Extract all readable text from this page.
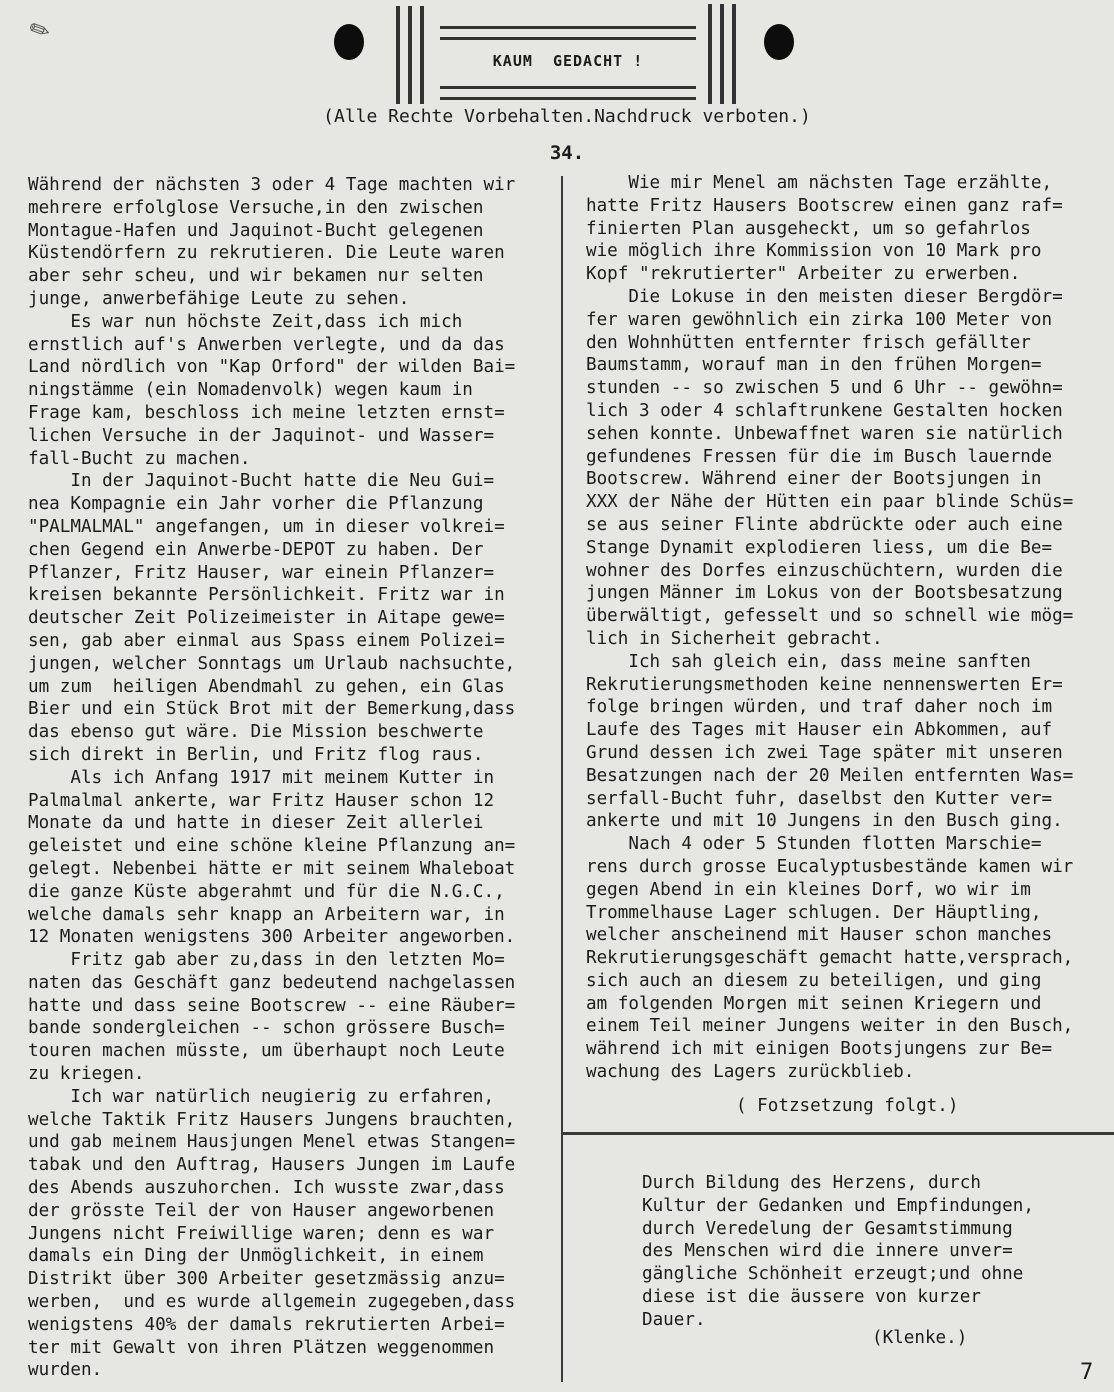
✎
KAUM  GEDACHT !
(Alle Rechte Vorbehalten.Nachdruck verboten.)
34.
Während der nächsten 3 oder 4 Tage machten wir
mehrere erfolglose Versuche,in den zwischen
Montague-Hafen und Jaquinot-Bucht gelegenen
Küstendörfern zu rekrutieren. Die Leute waren
aber sehr scheu, und wir bekamen nur selten
junge, anwerbefähige Leute zu sehen.
Es war nun höchste Zeit,dass ich mich
ernstlich auf's Anwerben verlegte, und da das
Land nördlich von "Kap Orford" der wilden Bai=
ningstämme (ein Nomadenvolk) wegen kaum in
Frage kam, beschloss ich meine letzten ernst=
lichen Versuche in der Jaquinot- und Wasser=
fall-Bucht zu machen.
In der Jaquinot-Bucht hatte die Neu Gui=
nea Kompagnie ein Jahr vorher die Pflanzung
"PALMALMAL" angefangen, um in dieser volkrei=
chen Gegend ein Anwerbe-DEPOT zu haben. Der
Pflanzer, Fritz Hauser, war einein Pflanzer=
kreisen bekannte Persönlichkeit. Fritz war in
deutscher Zeit Polizeimeister in Aitape gewe=
sen, gab aber einmal aus Spass einem Polizei=
jungen, welcher Sonntags um Urlaub nachsuchte,
um zum  heiligen Abendmahl zu gehen, ein Glas
Bier und ein Stück Brot mit der Bemerkung,dass
das ebenso gut wäre. Die Mission beschwerte
sich direkt in Berlin, und Fritz flog raus.
Als ich Anfang 1917 mit meinem Kutter in
Palmalmal ankerte, war Fritz Hauser schon 12
Monate da und hatte in dieser Zeit allerlei
geleistet und eine schöne kleine Pflanzung an=
gelegt. Nebenbei hätte er mit seinem Whaleboat
die ganze Küste abgerahmt und für die N.G.C.,
welche damals sehr knapp an Arbeitern war, in
12 Monaten wenigstens 300 Arbeiter angeworben.
Fritz gab aber zu,dass in den letzten Mo=
naten das Geschäft ganz bedeutend nachgelassen
hatte und dass seine Bootscrew -- eine Räuber=
bande sondergleichen -- schon grössere Busch=
touren machen müsste, um überhaupt noch Leute
zu kriegen.
Ich war natürlich neugierig zu erfahren,
welche Taktik Fritz Hausers Jungens brauchten,
und gab meinem Hausjungen Menel etwas Stangen=
tabak und den Auftrag, Hausers Jungen im Laufe
des Abends auszuhorchen. Ich wusste zwar,dass
der grösste Teil der von Hauser angeworbenen
Jungens nicht Freiwillige waren; denn es war
damals ein Ding der Unmöglichkeit, in einem
Distrikt über 300 Arbeiter gesetzmässig anzu=
werben,  und es wurde allgemein zugegeben,dass
wenigstens 40% der damals rekrutierten Arbei=
ter mit Gewalt von ihren Plätzen weggenommen
wurden.
Wie mir Menel am nächsten Tage erzählte,
hatte Fritz Hausers Bootscrew einen ganz raf=
finierten Plan ausgeheckt, um so gefahrlos
wie möglich ihre Kommission von 10 Mark pro
Kopf "rekrutierter" Arbeiter zu erwerben.
Die Lokuse in den meisten dieser Bergdör=
fer waren gewöhnlich ein zirka 100 Meter von
den Wohnhütten entfernter frisch gefällter
Baumstamm, worauf man in den frühen Morgen=
stunden -- so zwischen 5 und 6 Uhr -- gewöhn=
lich 3 oder 4 schlaftrunkene Gestalten hocken
sehen konnte. Unbewaffnet waren sie natürlich
gefundenes Fressen für die im Busch lauernde
Bootscrew. Während einer der Bootsjungen in
XXX der Nähe der Hütten ein paar blinde Schüs=
se aus seiner Flinte abdrückte oder auch eine
Stange Dynamit explodieren liess, um die Be=
wohner des Dorfes einzuschüchtern, wurden die
jungen Männer im Lokus von der Bootsbesatzung
überwältigt, gefesselt und so schnell wie mög=
lich in Sicherheit gebracht.
Ich sah gleich ein, dass meine sanften
Rekrutierungsmethoden keine nennenswerten Er=
folge bringen würden, und traf daher noch im
Laufe des Tages mit Hauser ein Abkommen, auf
Grund dessen ich zwei Tage später mit unseren
Besatzungen nach der 20 Meilen entfernten Was=
serfall-Bucht fuhr, daselbst den Kutter ver=
ankerte und mit 10 Jungens in den Busch ging.
Nach 4 oder 5 Stunden flotten Marschie=
rens durch grosse Eucalyptusbestände kamen wir
gegen Abend in ein kleines Dorf, wo wir im
Trommelhause Lager schlugen. Der Häuptling,
welcher anscheinend mit Hauser schon manches
Rekrutierungsgeschäft gemacht hatte,versprach,
sich auch an diesem zu beteiligen, und ging
am folgenden Morgen mit seinen Kriegern und
einem Teil meiner Jungens weiter in den Busch,
während ich mit einigen Bootsjungens zur Be=
wachung des Lagers zurückblieb.
( Fotzsetzung folgt.)
Durch Bildung des Herzens, durch
Kultur der Gedanken und Empfindungen,
durch Veredelung der Gesamtstimmung
des Menschen wird die innere unver=
gängliche Schönheit erzeugt;und ohne
diese ist die äussere von kurzer
Dauer.
(Klenke.)
7
